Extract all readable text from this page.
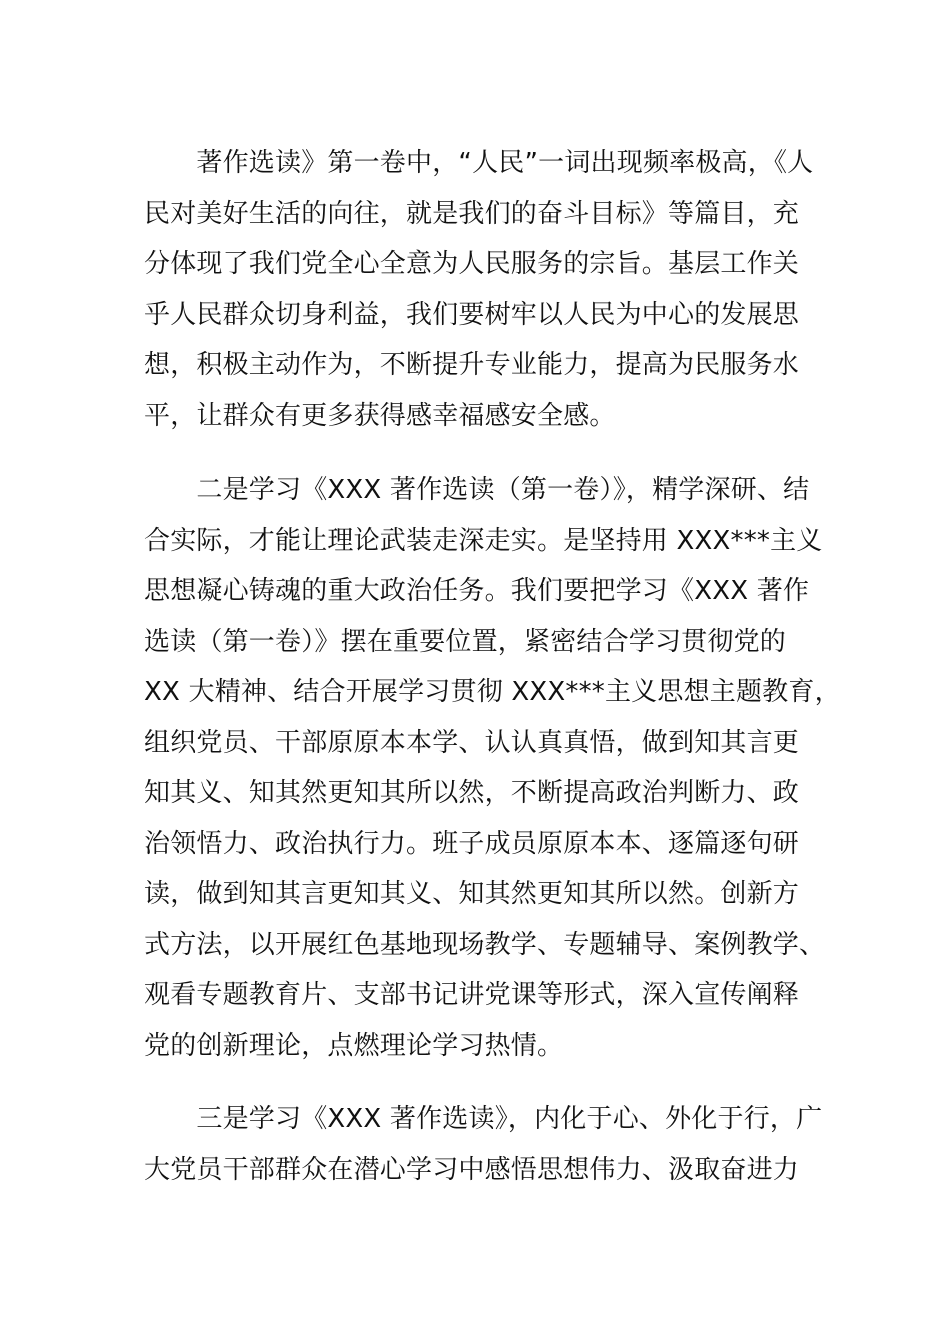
　　著作选读》第一卷中，“人民”一词出现频率极高，《人
民对美好生活的向往，就是我们的奋斗目标》等篇目，充
分体现了我们党全心全意为人民服务的宗旨。基层工作关
乎人民群众切身利益，我们要树牢以人民为中心的发展思
想，积极主动作为，不断提升专业能力，提高为民服务水
平，让群众有更多获得感幸福感安全感。

　　二是学习《XXX 著作选读（第一卷）》，精学深研、结
合实际，才能让理论武装走深走实。是坚持用 XXX***主义
思想凝心铸魂的重大政治任务。我们要把学习《XXX 著作
选读（第一卷）》摆在重要位置，紧密结合学习贯彻党的
XX 大精神、结合开展学习贯彻 XXX***主义思想主题教育，
组织党员、干部原原本本学、认认真真悟，做到知其言更
知其义、知其然更知其所以然，不断提高政治判断力、政
治领悟力、政治执行力。班子成员原原本本、逐篇逐句研
读，做到知其言更知其义、知其然更知其所以然。创新方
式方法，以开展红色基地现场教学、专题辅导、案例教学、
观看专题教育片、支部书记讲党课等形式，深入宣传阐释
党的创新理论，点燃理论学习热情。

　　三是学习《XXX 著作选读》，内化于心、外化于行，广
大党员干部群众在潜心学习中感悟思想伟力、汲取奋进力
